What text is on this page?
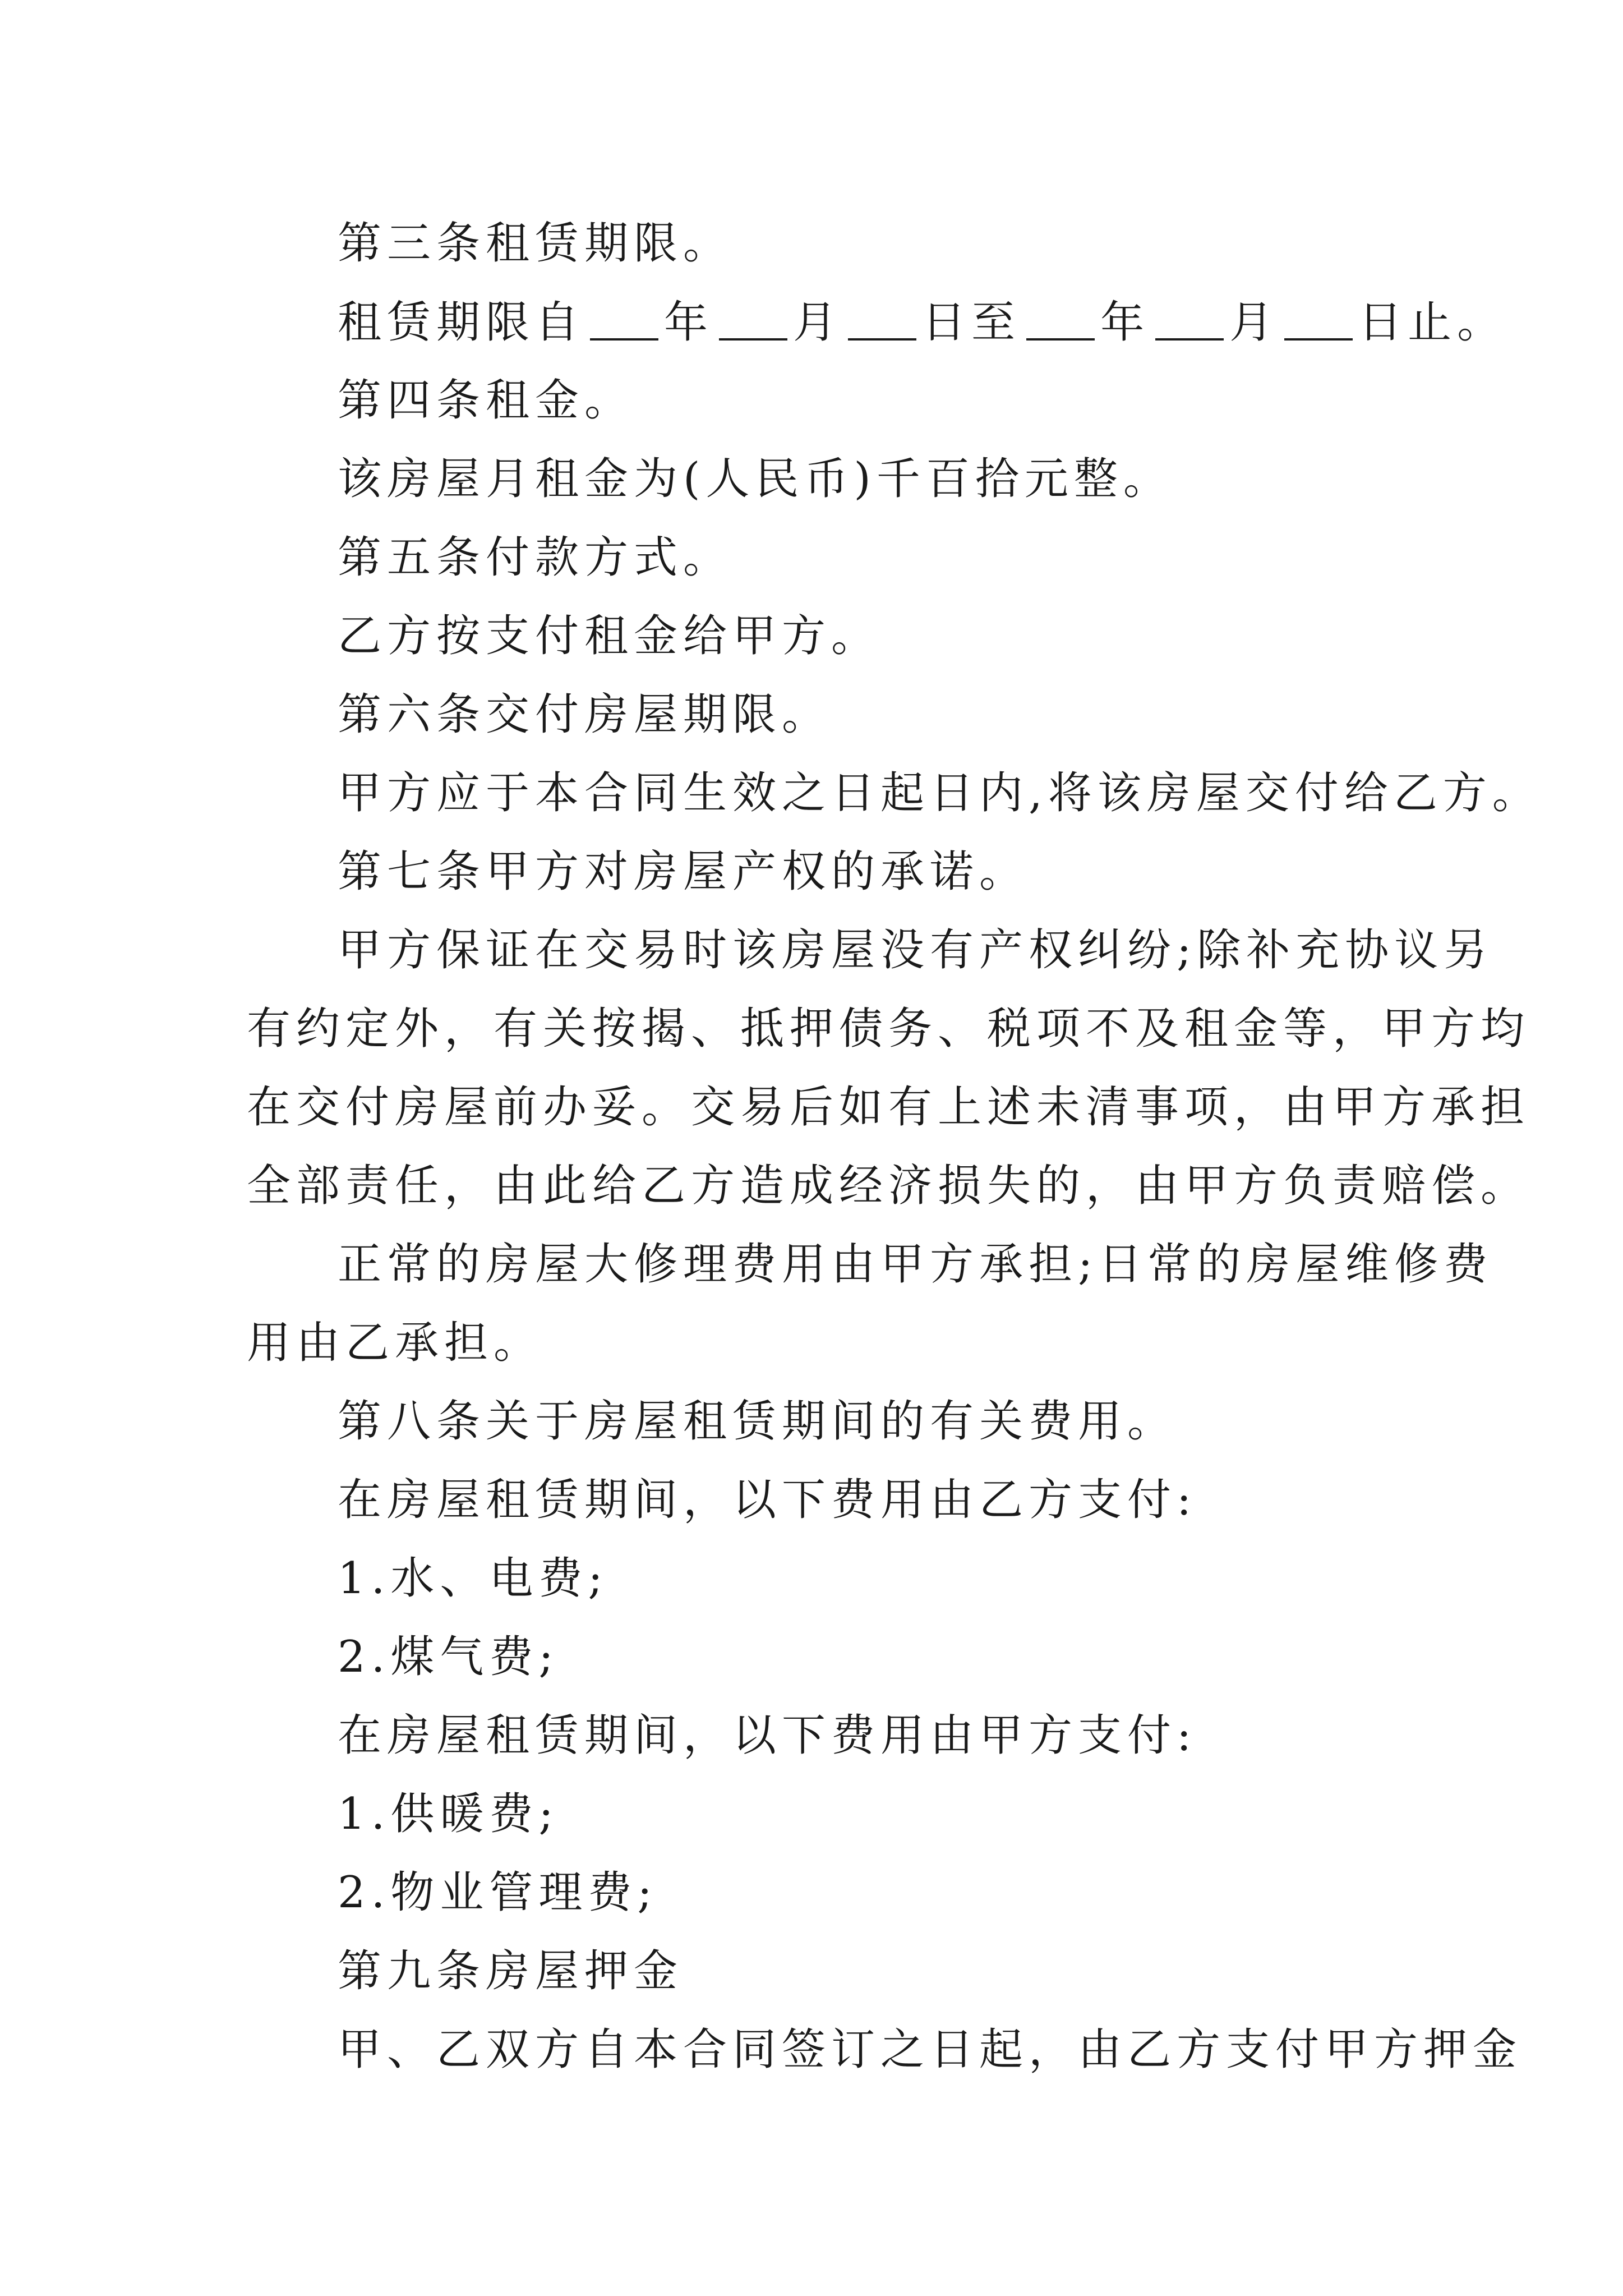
第三条租赁期限。
租赁期限自 年 月 日至 年 月 日止。
第四条租金。
该房屋月租金为(人民币)千百拾元整。
第五条付款方式。
乙方按支付租金给甲方。
第六条交付房屋期限。
甲方应于本合同生效之日起日内,将该房屋交付给乙方。
第七条甲方对房屋产权的承诺。
甲方保证在交易时该房屋没有产权纠纷;除补充协议另
有约定外，有关按揭、抵押债务、税项不及租金等，甲方均
在交付房屋前办妥。交易后如有上述未清事项，由甲方承担
全部责任，由此给乙方造成经济损失的，由甲方负责赔偿。
正常的房屋大修理费用由甲方承担;日常的房屋维修费
用由乙承担。
第八条关于房屋租赁期间的有关费用。
在房屋租赁期间，以下费用由乙方支付:
1.水、电费;
2.煤气费;
在房屋租赁期间，以下费用由甲方支付:
1.供暖费;
2.物业管理费;
第九条房屋押金
甲、乙双方自本合同签订之日起，由乙方支付甲方押金
